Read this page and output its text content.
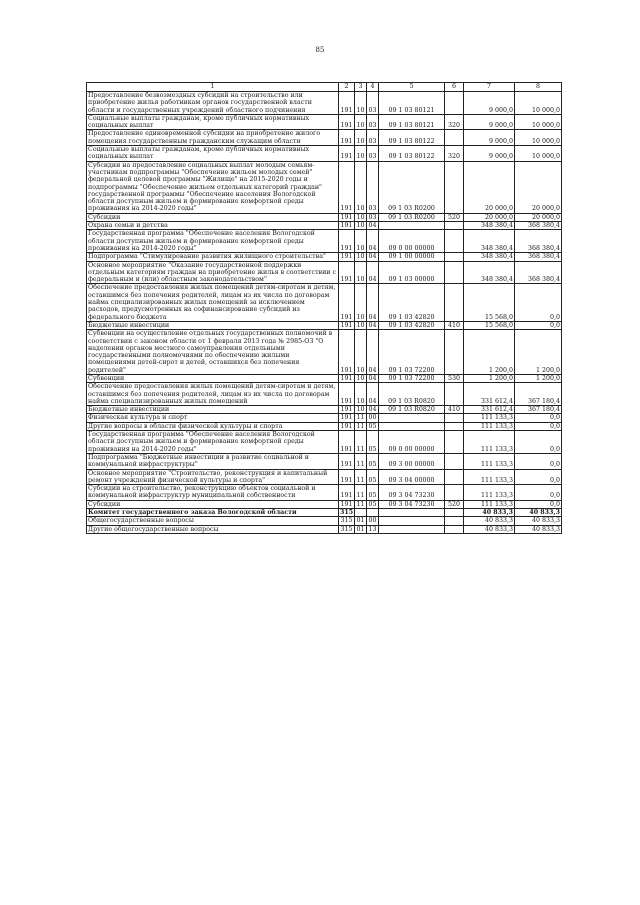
85
1	2	3	4	5	6	7	8
Предоставление безвозмездных субсидий на строительство или приобретение жилья работникам органов государственной власти области и государственных учреждений областного подчинения	191	10	03	09 1 03 80121		9 000,0	10 000,0
Социальные выплаты гражданам, кроме публичных нормативных социальных выплат	191	10	03	09 1 03 80121	320	9 000,0	10 000,0
Предоставление единовременной субсидии на приобретение жилого помещения государственным гражданским служащим области	191	10	03	09 1 03 80122		9 000,0	10 000,0
Социальные выплаты гражданам, кроме публичных нормативных социальных выплат	191	10	03	09 1 03 80122	320	9 000,0	10 000,0
Субсидии на предоставление социальных выплат молодым семьям-участникам подпрограммы "Обеспечение жильем молодых семей" федеральной целевой программы "Жилище" на 2015-2020 годы и подпрограммы "Обеспечение жильем отдельных категорий граждан" государственной программы "Обеспечение населения Вологодской области доступным жильем и формирование комфортной среды проживания на 2014-2020 годы"	191	10	03	09 1 03 R0200		20 000,0	20 000,0
Субсидии	191	10	03	09 1 03 R0200	520	20 000,0	20 000,0
Охрана семьи и детства	191	10	04			348 380,4	368 380,4
Государственная программа "Обеспечение населения Вологодской области доступным жильем и формирование комфортной среды проживания на 2014-2020 годы"	191	10	04	09 0 00 00000		348 380,4	368 380,4
Подпрограмма "Стимулирование развития жилищного строительства"	191	10	04	09 1 00 00000		348 380,4	368 380,4
Основное мероприятие "Оказание государственной поддержки отдельным категориям граждан на приобретение жилья в соответствии с федеральным и (или) областным законодательством"	191	10	04	09 1 03 00000		348 380,4	368 380,4
Обеспечение предоставления жилых помещений детям-сиротам и детям, оставшимся без попечения родителей, лицам из их числа по договорам найма специализированных жилых помещений за исключением расходов, предусмотренных на софинансирование субсидий из федерального бюджета	191	10	04	09 1 03 42820		15 568,0	0,0
Бюджетные инвестиции	191	10	04	09 1 03 42820	410	15 568,0	0,0
Субвенции на осуществление отдельных государственных полномочий в соответствии с законом области от 1 февраля 2013 года № 2985-ОЗ "О наделении органов местного самоуправления отдельными государственными полномочиями по обеспечению жилыми помещениями детей-сирот и детей, оставшихся без попечения родителей"	191	10	04	09 1 03 72200		1 200,0	1 200,0
Субвенции	191	10	04	09 1 03 72200	530	1 200,0	1 200,0
Обеспечение предоставления жилых помещений детям-сиротам и детям, оставшимся без попечения родителей, лицам из их числа по договорам найма специализированных жилых помещений	191	10	04	09 1 03 R0820		331 612,4	367 180,4
Бюджетные инвестиции	191	10	04	09 1 03 R0820	410	331 612,4	367 180,4
Физическая культура и спорт	191	11	00			111 133,3	0,0
Другие вопросы в области физической культуры и спорта	191	11	05			111 133,3	0,0
Государственная программа "Обеспечение населения Вологодской области доступным жильем и формирование комфортной среды проживания на 2014-2020 годы"	191	11	05	09 0 00 00000		111 133,3	0,0
Подпрограмма "Бюджетные инвестиции в развитие социальной и коммунальной инфраструктуры"	191	11	05	09 3 00 00000		111 133,3	0,0
Основное мероприятие "Строительство, реконструкция и капитальный ремонт учреждений физической культуры и спорта"	191	11	05	09 3 04 00000		111 133,3	0,0
Субсидии на строительство, реконструкцию объектов социальной и коммунальной инфраструктур муниципальной собственности	191	11	05	09 3 04 73230		111 133,3	0,0
Субсидии	191	11	05	09 3 04 73230	520	111 133,3	0,0
Комитет государственного заказа Вологодской области	315					40 833,3	40 833,3
Общегосударственные вопросы	315	01	00			40 833,3	40 833,3
Другие общегосударственные вопросы	315	01	13			40 833,3	40 833,3
